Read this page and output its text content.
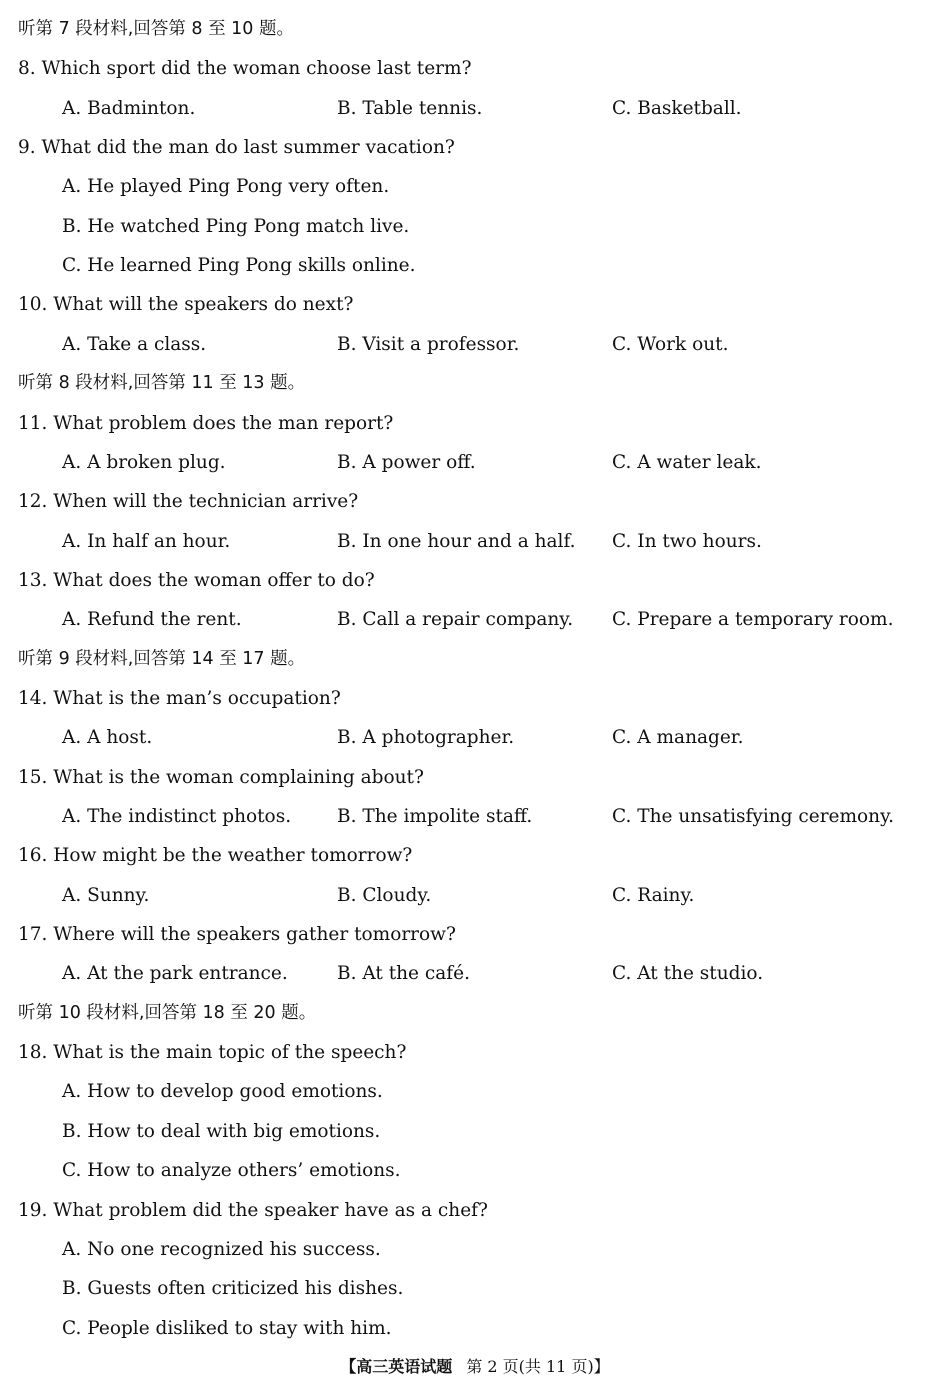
听第 7 段材料,回答第 8 至 10 题。
8. Which sport did the woman choose last term?
A. Badminton.	B. Table tennis.	C. Basketball.
9. What did the man do last summer vacation?
A. He played Ping Pong very often.
B. He watched Ping Pong match live.
C. He learned Ping Pong skills online.
10. What will the speakers do next?
A. Take a class.	B. Visit a professor.	C. Work out.
听第 8 段材料,回答第 11 至 13 题。
11. What problem does the man report?
A. A broken plug.	B. A power off.	C. A water leak.
12. When will the technician arrive?
A. In half an hour.	B. In one hour and a half. C. In two hours.
13. What does the woman offer to do?
A. Refund the rent.	B. Call a repair company. C. Prepare a temporary room.
听第 9 段材料,回答第 14 至 17 题。
14. What is the man’s occupation?
A. A host.	B. A photographer.	C. A manager.
15. What is the woman complaining about?
A. The indistinct photos. B. The impolite staff.	C. The unsatisfying ceremony.
16. How might be the weather tomorrow?
A. Sunny.	B. Cloudy.	C. Rainy.
17. Where will the speakers gather tomorrow?
A. At the park entrance.	B. At the café.	C. At the studio.
听第 10 段材料,回答第 18 至 20 题。
18. What is the main topic of the speech?
A. How to develop good emotions.
B. How to deal with big emotions.
C. How to analyze others’ emotions.
19. What problem did the speaker have as a chef?
A. No one recognized his success.
B. Guests often criticized his dishes.
C. People disliked to stay with him.
【高三英语试题 第 2 页(共 11 页)】
